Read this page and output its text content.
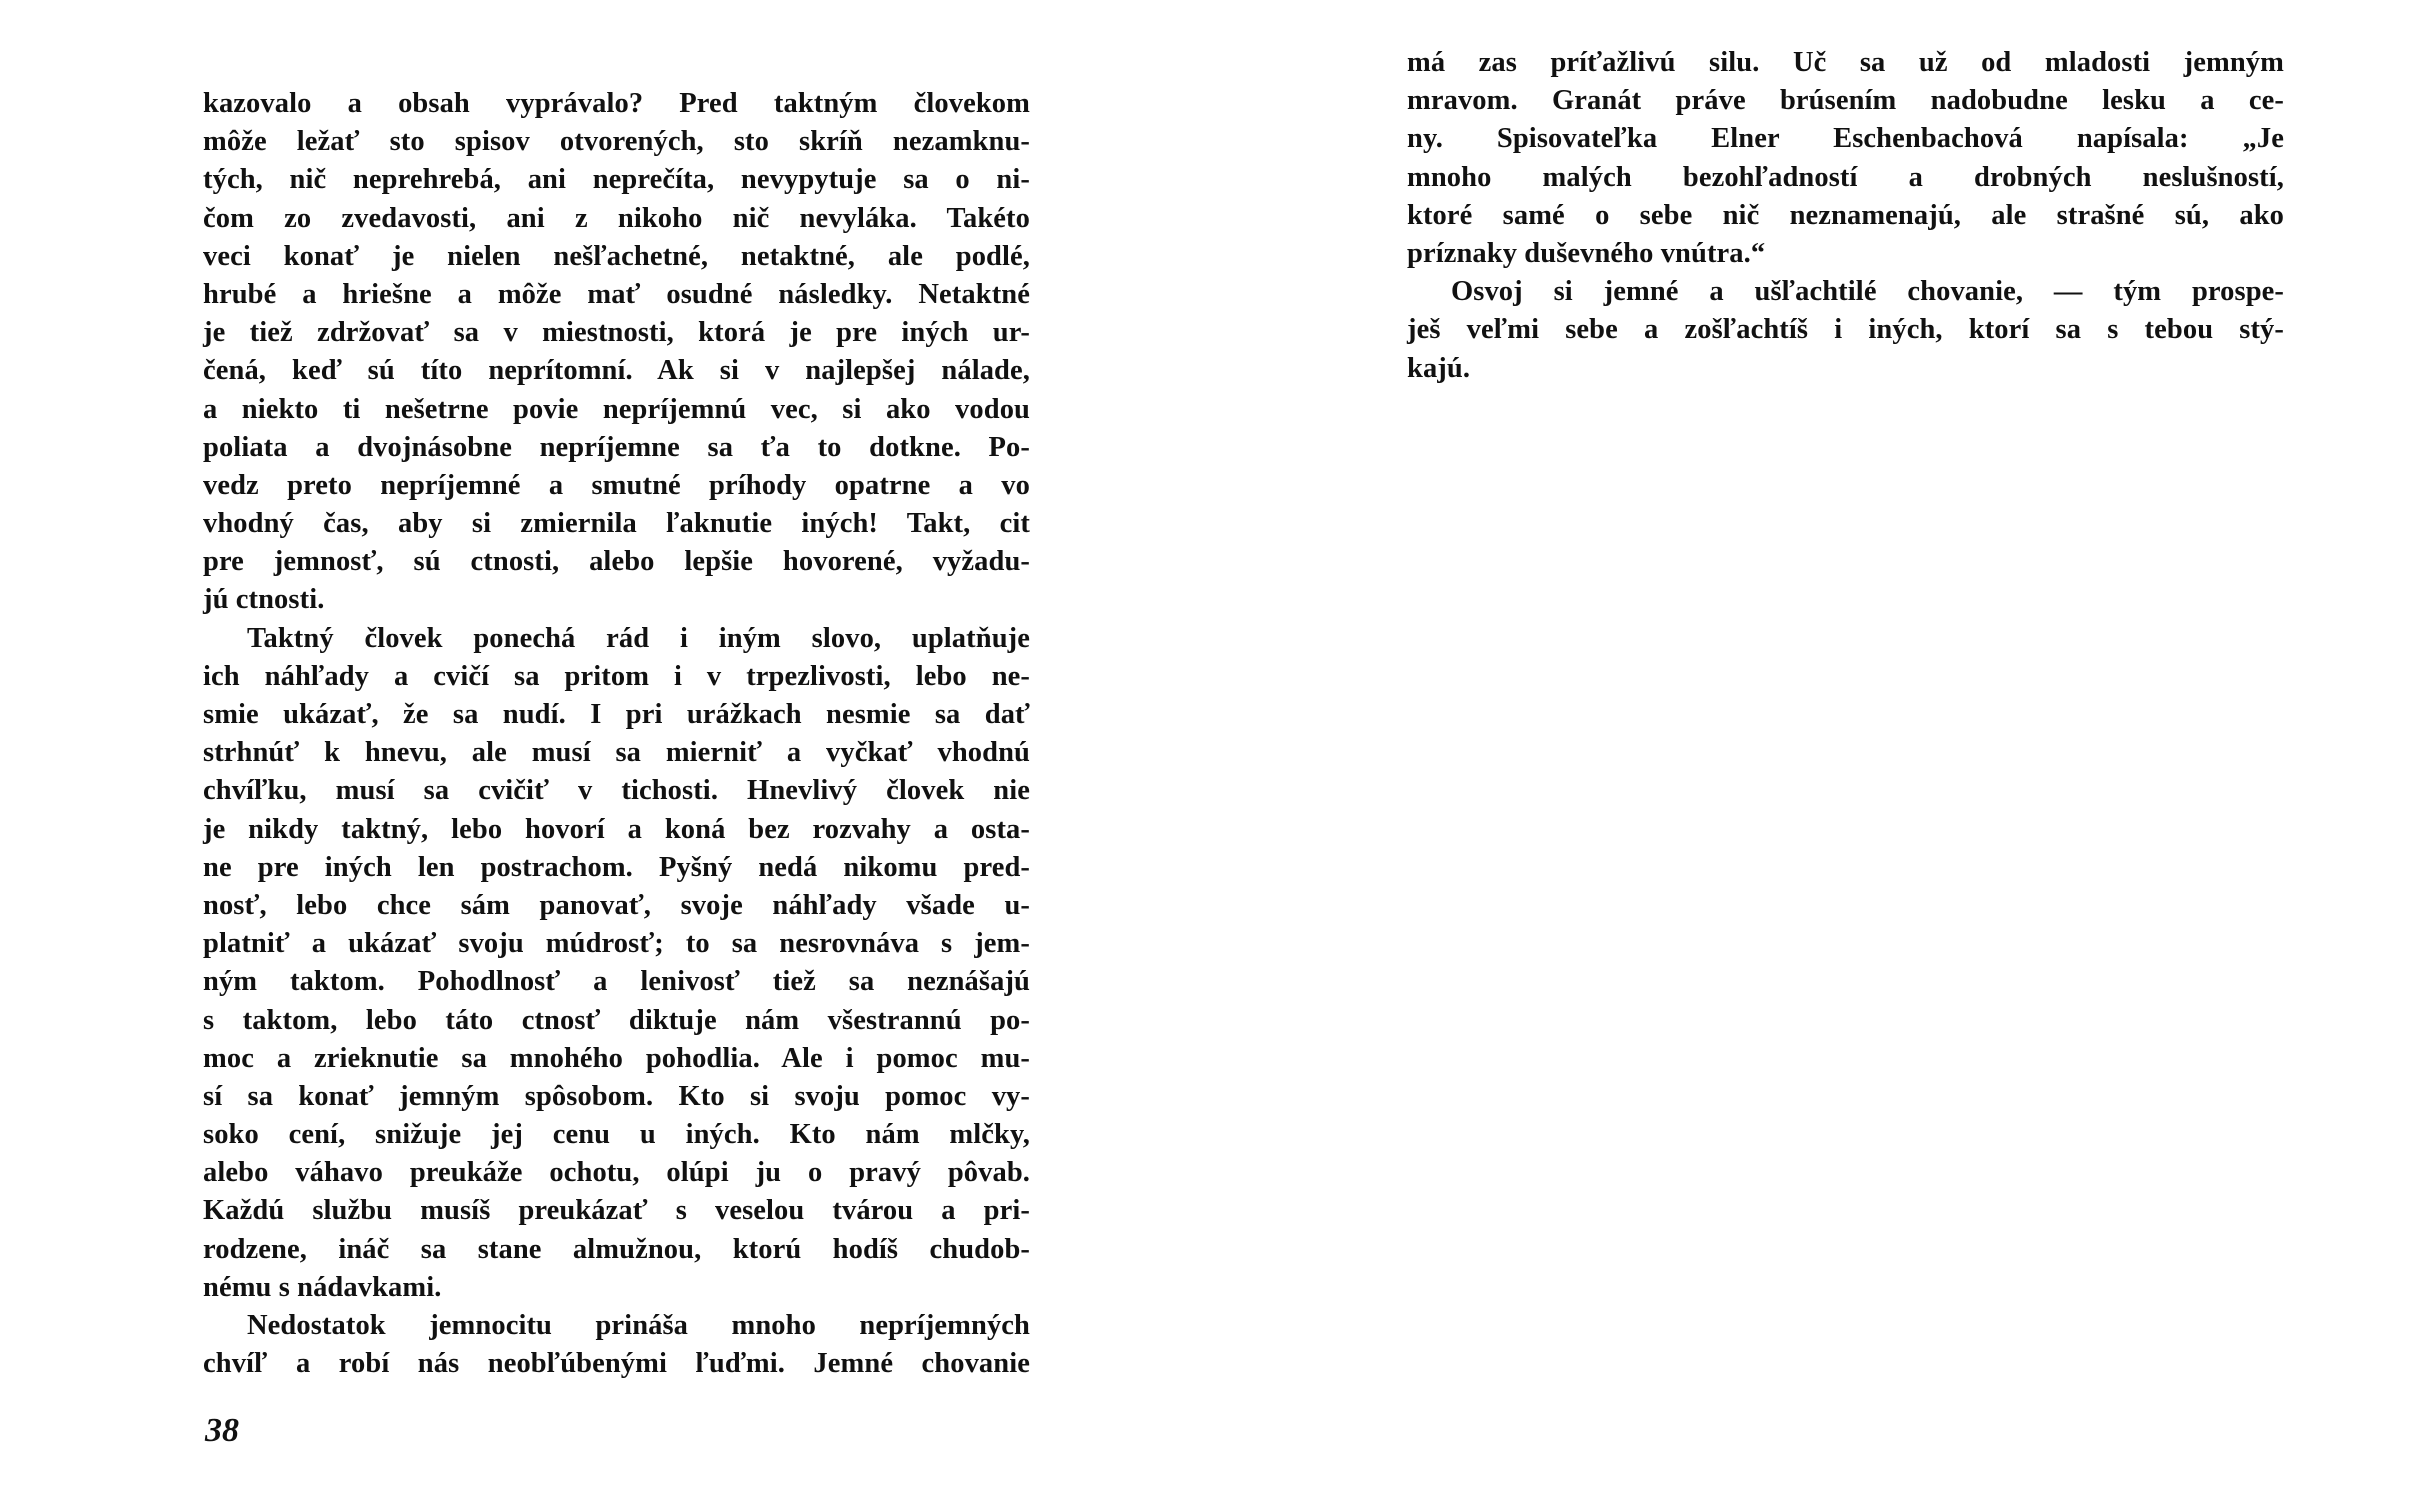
kazovalo a obsah vyprávalo? Pred taktným človekom
môže ležať sto spisov otvorených, sto skríň nezamknu-
tých, nič neprehrebá, ani neprečíta, nevypytuje sa o ni-
čom zo zvedavosti, ani z nikoho nič nevyláka. Takéto
veci konať je nielen nešľachetné, netaktné, ale podlé,
hrubé a hriešne a môže mať osudné následky. Netaktné
je tiež zdržovať sa v miestnosti, ktorá je pre iných ur-
čená, keď sú títo neprítomní. Ak si v najlepšej nálade,
a niekto ti nešetrne povie nepríjemnú vec, si ako vodou
poliata a dvojnásobne nepríjemne sa ťa to dotkne. Po-
vedz preto nepríjemné a smutné príhody opatrne a vo
vhodný čas, aby si zmiernila ľaknutie iných! Takt, cit
pre jemnosť, sú ctnosti, alebo lepšie hovorené, vyžadu-
jú ctnosti.
Taktný človek ponechá rád i iným slovo, uplatňuje
ich náhľady a cvičí sa pritom i v trpezlivosti, lebo ne-
smie ukázať, že sa nudí. I pri urážkach nesmie sa dať
strhnúť k hnevu, ale musí sa mierniť a vyčkať vhodnú
chvíľku, musí sa cvičiť v tichosti. Hnevlivý človek nie
je nikdy taktný, lebo hovorí a koná bez rozvahy a osta-
ne pre iných len postrachom. Pyšný nedá nikomu pred-
nosť, lebo chce sám panovať, svoje náhľady všade u-
platniť a ukázať svoju múdrosť; to sa nesrovnáva s jem-
ným taktom. Pohodlnosť a lenivosť tiež sa neznášajú
s taktom, lebo táto ctnosť diktuje nám všestrannú po-
moc a zrieknutie sa mnohého pohodlia. Ale i pomoc mu-
sí sa konať jemným spôsobom. Kto si svoju pomoc vy-
soko cení, snižuje jej cenu u iných. Kto nám mlčky,
alebo váhavo preukáže ochotu, olúpi ju o pravý pôvab.
Každú službu musíš preukázať s veselou tvárou a pri-
rodzene, ináč sa stane almužnou, ktorú hodíš chudob-
nému s nádavkami.
Nedostatok jemnocitu prináša mnoho nepríjemných
chvíľ a robí nás neobľúbenými ľuďmi. Jemné chovanie
38
má zas príťažlivú silu. Uč sa už od mladosti jemným
mravom. Granát práve brúsením nadobudne lesku a ce-
ny. Spisovateľka Elner Eschenbachová napísala: „Je
mnoho malých bezohľadností a drobných neslušností,
ktoré samé o sebe nič neznamenajú, ale strašné sú, ako
príznaky duševného vnútra.“
Osvoj si jemné a ušľachtilé chovanie, — tým prospe-
ješ veľmi sebe a zošľachtíš i iných, ktorí sa s tebou stý-
kajú.
